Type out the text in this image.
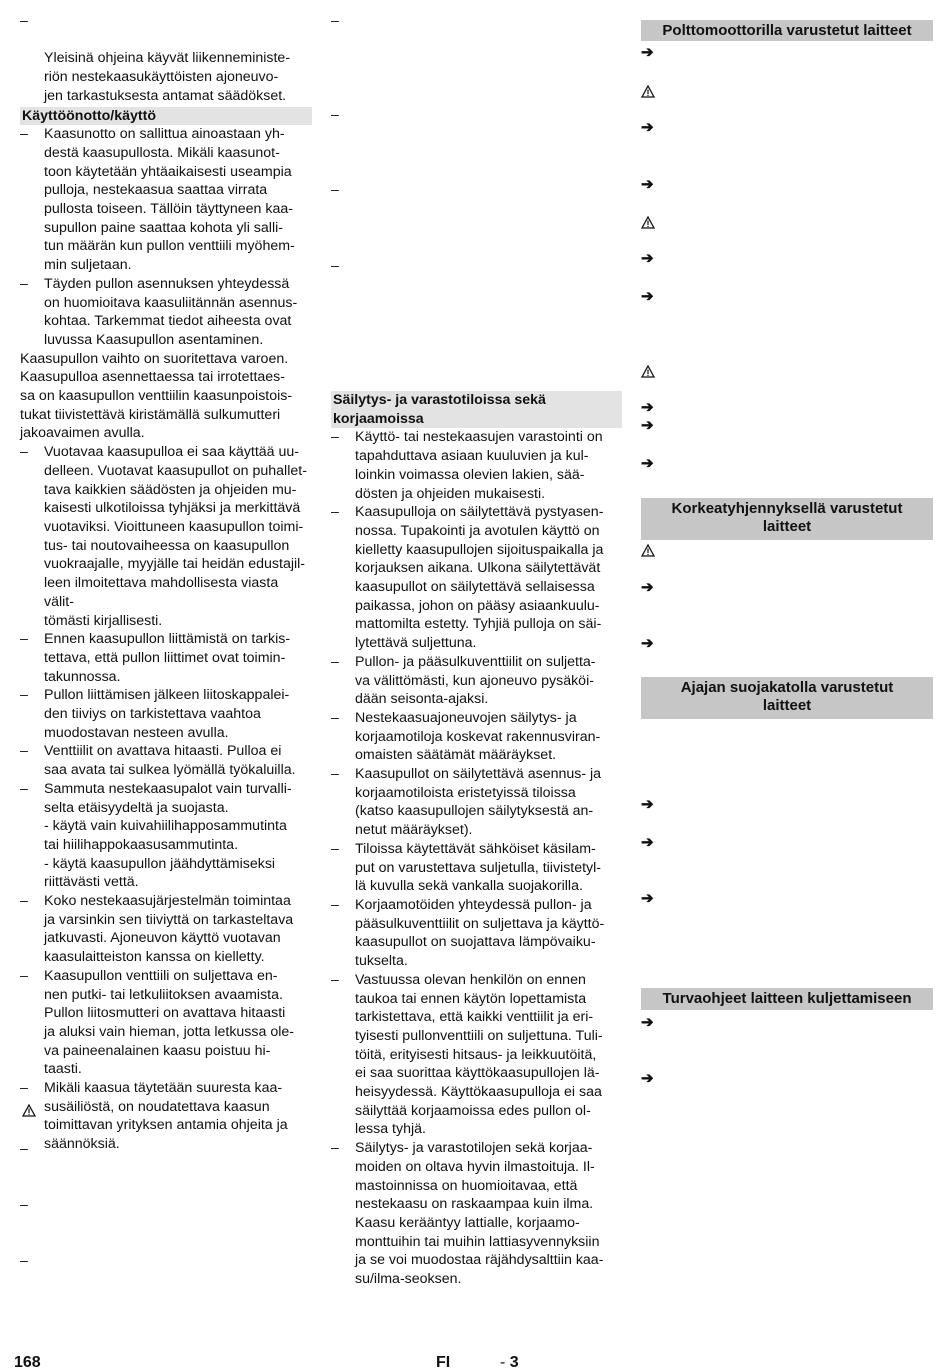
–

Yleisinä ohjeina käyvät liikenneministe-
riön nestekaasukäyttöisten ajoneuvo-
jen tarkastuksesta antamat säädökset.

Käyttöönotto/käyttö
– Kaasunotto on sallittua ainoastaan yh-
destä kaasupullosta. Mikäli kaasunot-
toon käytetään yhtäaikaisesti useampia
pulloja, nestekaasua saattaa virrata
pullosta toiseen. Tällöin täyttyneen kaa-
supullon paine saattaa kohota yli salli-
tun määrän kun pullon venttiili myöhem-
min suljetaan.
– Täyden pullon asennuksen yhteydessä
on huomioitava kaasuliitännän asennus-
kohtaa. Tarkemmat tiedot aiheesta ovat
luvussa Kaasupullon asentaminen.
Kaasupullon vaihto on suoritettava varoen.
Kaasupulloa asennettaessa tai irrotettaes-
sa on kaasupullon venttiilin kaasunpoistois-
tukat tiivistettävä kiristämällä sulkumutteri
jakoavaimen avulla.
– Vuotavaa kaasupulloa ei saa käyttää uu-
delleen. Vuotavat kaasupullot on puhallet-
tava kaikkien säädösten ja ohjeiden mu-
kaisesti ulkotiloissa tyhjäksi ja merkittävä
vuotaviksi. Vioittuneen kaasupullon toimi-
tus- tai noutovaiheessa on kaasupullon
vuokraajalle, myyjälle tai heidän edustajil-
leen ilmoitettava mahdollisesta viasta välit-
tömästi kirjallisesti.
– Ennen kaasupullon liittämistä on tarkis-
tettava, että pullon liittimet ovat toimin-
takunnossa.
– Pullon liittämisen jälkeen liitoskappalei-
den tiiviys on tarkistettava vaahtoa
muodostavan nesteen avulla.
– Venttiilit on avattava hitaasti. Pulloa ei
saa avata tai sulkea lyömällä työkaluilla.
– Sammuta nestekaasupalot vain turvalli-
selta etäisyydeltä ja suojasta.
- käytä vain kuivahiilihapposammutinta
tai hiilihappokaasusammutinta.
- käytä kaasupullon jäähdyttämiseksi
riittävästi vettä.
– Koko nestekaasujärjestelmän toimintaa
ja varsinkin sen tiiviyttä on tarkasteltava
jatkuvasti. Ajoneuvon käyttö vuotavan
kaasulaitteiston kanssa on kielletty.
– Kaasupullon venttiili on suljettava en-
nen putki- tai letkuliitoksen avaamista.
Pullon liitosmutteri on avattava hitaasti
ja aluksi vain hieman, jotta letkussa ole-
va paineenalainen kaasu poistuu hi-
taasti.
– Mikäli kaasua täytetään suuresta kaa-
susäiliöstä, on noudatettava kaasun
toimittavan yrityksen antamia ohjeita ja
säännöksiä.
–
–
–
–
–
–
–
Säilytys- ja varastotiloissa sekä
korjaamoissa
– Käyttö- tai nestekaasujen varastointi on
tapahduttava asiaan kuuluvien ja kul-
loinkin voimassa olevien lakien, sää-
dösten ja ohjeiden mukaisesti.
– Kaasupulloja on säilytettävä pystyasen-
nossa. Tupakointi ja avotulen käyttö on
kielletty kaasupullojen sijoituspaikalla ja
korjauksen aikana. Ulkona säilytettävät
kaasupullot on säilytettävä sellaisessa
paikassa, johon on pääsy asiaankuulu-
mattomilta estetty. Tyhjiä pulloja on säi-
lytettävä suljettuna.
– Pullon- ja pääsulkuventtiilit on suljetta-
va välittömästi, kun ajoneuvo pysäköi-
dään seisonta-ajaksi.
– Nestekaasuajoneuvojen säilytys- ja
korjaamotiloja koskevat rakennusviran-
omaisten säätämät määräykset.
– Kaasupullot on säilytettävä asennus- ja
korjaamotiloista eristetyissä tiloissa
(katso kaasupullojen säilytyksestä an-
netut määräykset).
– Tiloissa käytettävät sähköiset käsilam-
put on varustettava suljetulla, tiivistetyl-
lä kuvulla sekä vankalla suojakorilla.
– Korjaamotöiden yhteydessä pullon- ja
pääsulkuventtiilit on suljettava ja käyttö-
kaasupullot on suojattava lämpövaiku-
tukselta.
– Vastuussa olevan henkilön on ennen
taukoa tai ennen käytön lopettamista
tarkistettava, että kaikki venttiilit ja eri-
tyisesti pullonventtiili on suljettuna. Tuli-
töitä, erityisesti hitsaus- ja leikkuutöitä,
ei saa suorittaa käyttökaasupullojen lä-
heisyydessä. Käyttökaasupulloja ei saa
säilyttää korjaamoissa edes pullon ol-
lessa tyhjä.
– Säilytys- ja varastotilojen sekä korjaa-
moiden on oltava hyvin ilmastoituja. Il-
mastoinnissa on huomioitavaa, että
nestekaasu on raskaampaa kuin ilma.
Kaasu kerääntyy lattialle, korjaamo-
monttuihin tai muihin lattiasyvennyksiin
ja se voi muodostaa räjähdysalttiin kaa-
su/ilma-seoksen.
Polttomoottorilla varustetut laitteet
➔
➔
➔
➔
➔
➔
➔
➔
Korkeatyhjennyksellä varustetut
laitteet
➔
➔
Ajajan suojakatolla varustetut
laitteet
➔
➔
➔
Turvaohjeet laitteen kuljettamiseen
➔
➔
168	FI	- 3
